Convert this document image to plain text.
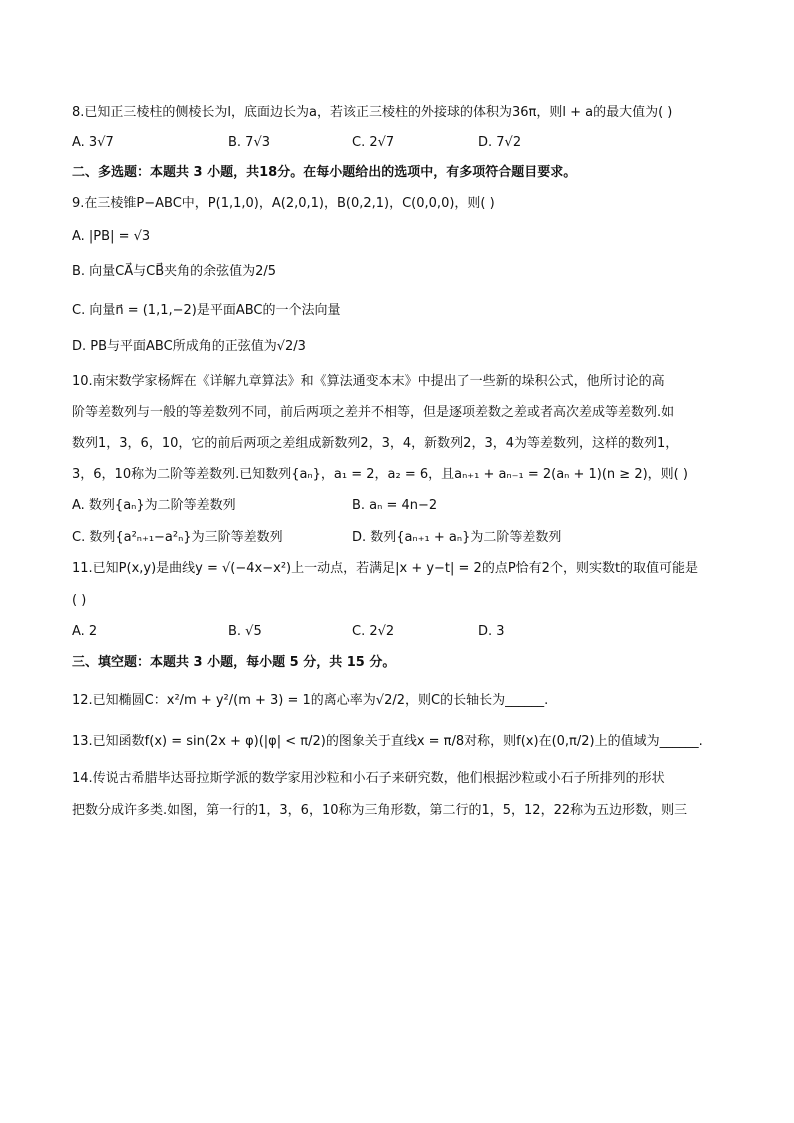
8.已知正三棱柱的侧棱长为l，底面边长为a，若该正三棱柱的外接球的体积为36π，则l + a的最大值为( )
A. 3√7	B. 7√3	C. 2√7	D. 7√2
二、多选题：本题共 3 小题，共18分。在每小题给出的选项中，有多项符合题目要求。
9.在三棱锥P−ABC中，P(1,1,0)，A(2,0,1)，B(0,2,1)，C(0,0,0)，则( )
A. |PB| = √3
B. 向量CA⃗与CB⃗夹角的余弦值为2/5
C. 向量n⃗ = (1,1,−2)是平面ABC的一个法向量
D. PB与平面ABC所成角的正弦值为√2/3
10.南宋数学家杨辉在《详解九章算法》和《算法通变本末》中提出了一些新的垛积公式，他所讨论的高
阶等差数列与一般的等差数列不同，前后两项之差并不相等，但是逐项差数之差或者高次差成等差数列.如
数列1，3，6，10，它的前后两项之差组成新数列2，3，4，新数列2，3，4为等差数列，这样的数列1，
3，6，10称为二阶等差数列.已知数列{aₙ}，a₁ = 2，a₂ = 6，且aₙ₊₁ + aₙ₋₁ = 2(aₙ + 1)(n ≥ 2)，则( )
A. 数列{aₙ}为二阶等差数列	B. aₙ = 4n−2
C. 数列{a²ₙ₊₁−a²ₙ}为三阶等差数列	D. 数列{aₙ₊₁ + aₙ}为二阶等差数列
11.已知P(x,y)是曲线y = √(−4x−x²)上一动点，若满足|x + y−t| = 2的点P恰有2个，则实数t的取值可能是
( )
A. 2	B. √5	C. 2√2	D. 3
三、填空题：本题共 3 小题，每小题 5 分，共 15 分。
12.已知椭圆C：x²/m + y²/(m + 3) = 1的离心率为√2/2，则C的长轴长为______.
13.已知函数f(x) = sin(2x + φ)(|φ| < π/2)的图象关于直线x = π/8对称，则f(x)在(0,π/2)上的值域为______.
14.传说古希腊毕达哥拉斯学派的数学家用沙粒和小石子来研究数，他们根据沙粒或小石子所排列的形状
把数分成许多类.如图，第一行的1，3，6，10称为三角形数，第二行的1，5，12，22称为五边形数，则三
